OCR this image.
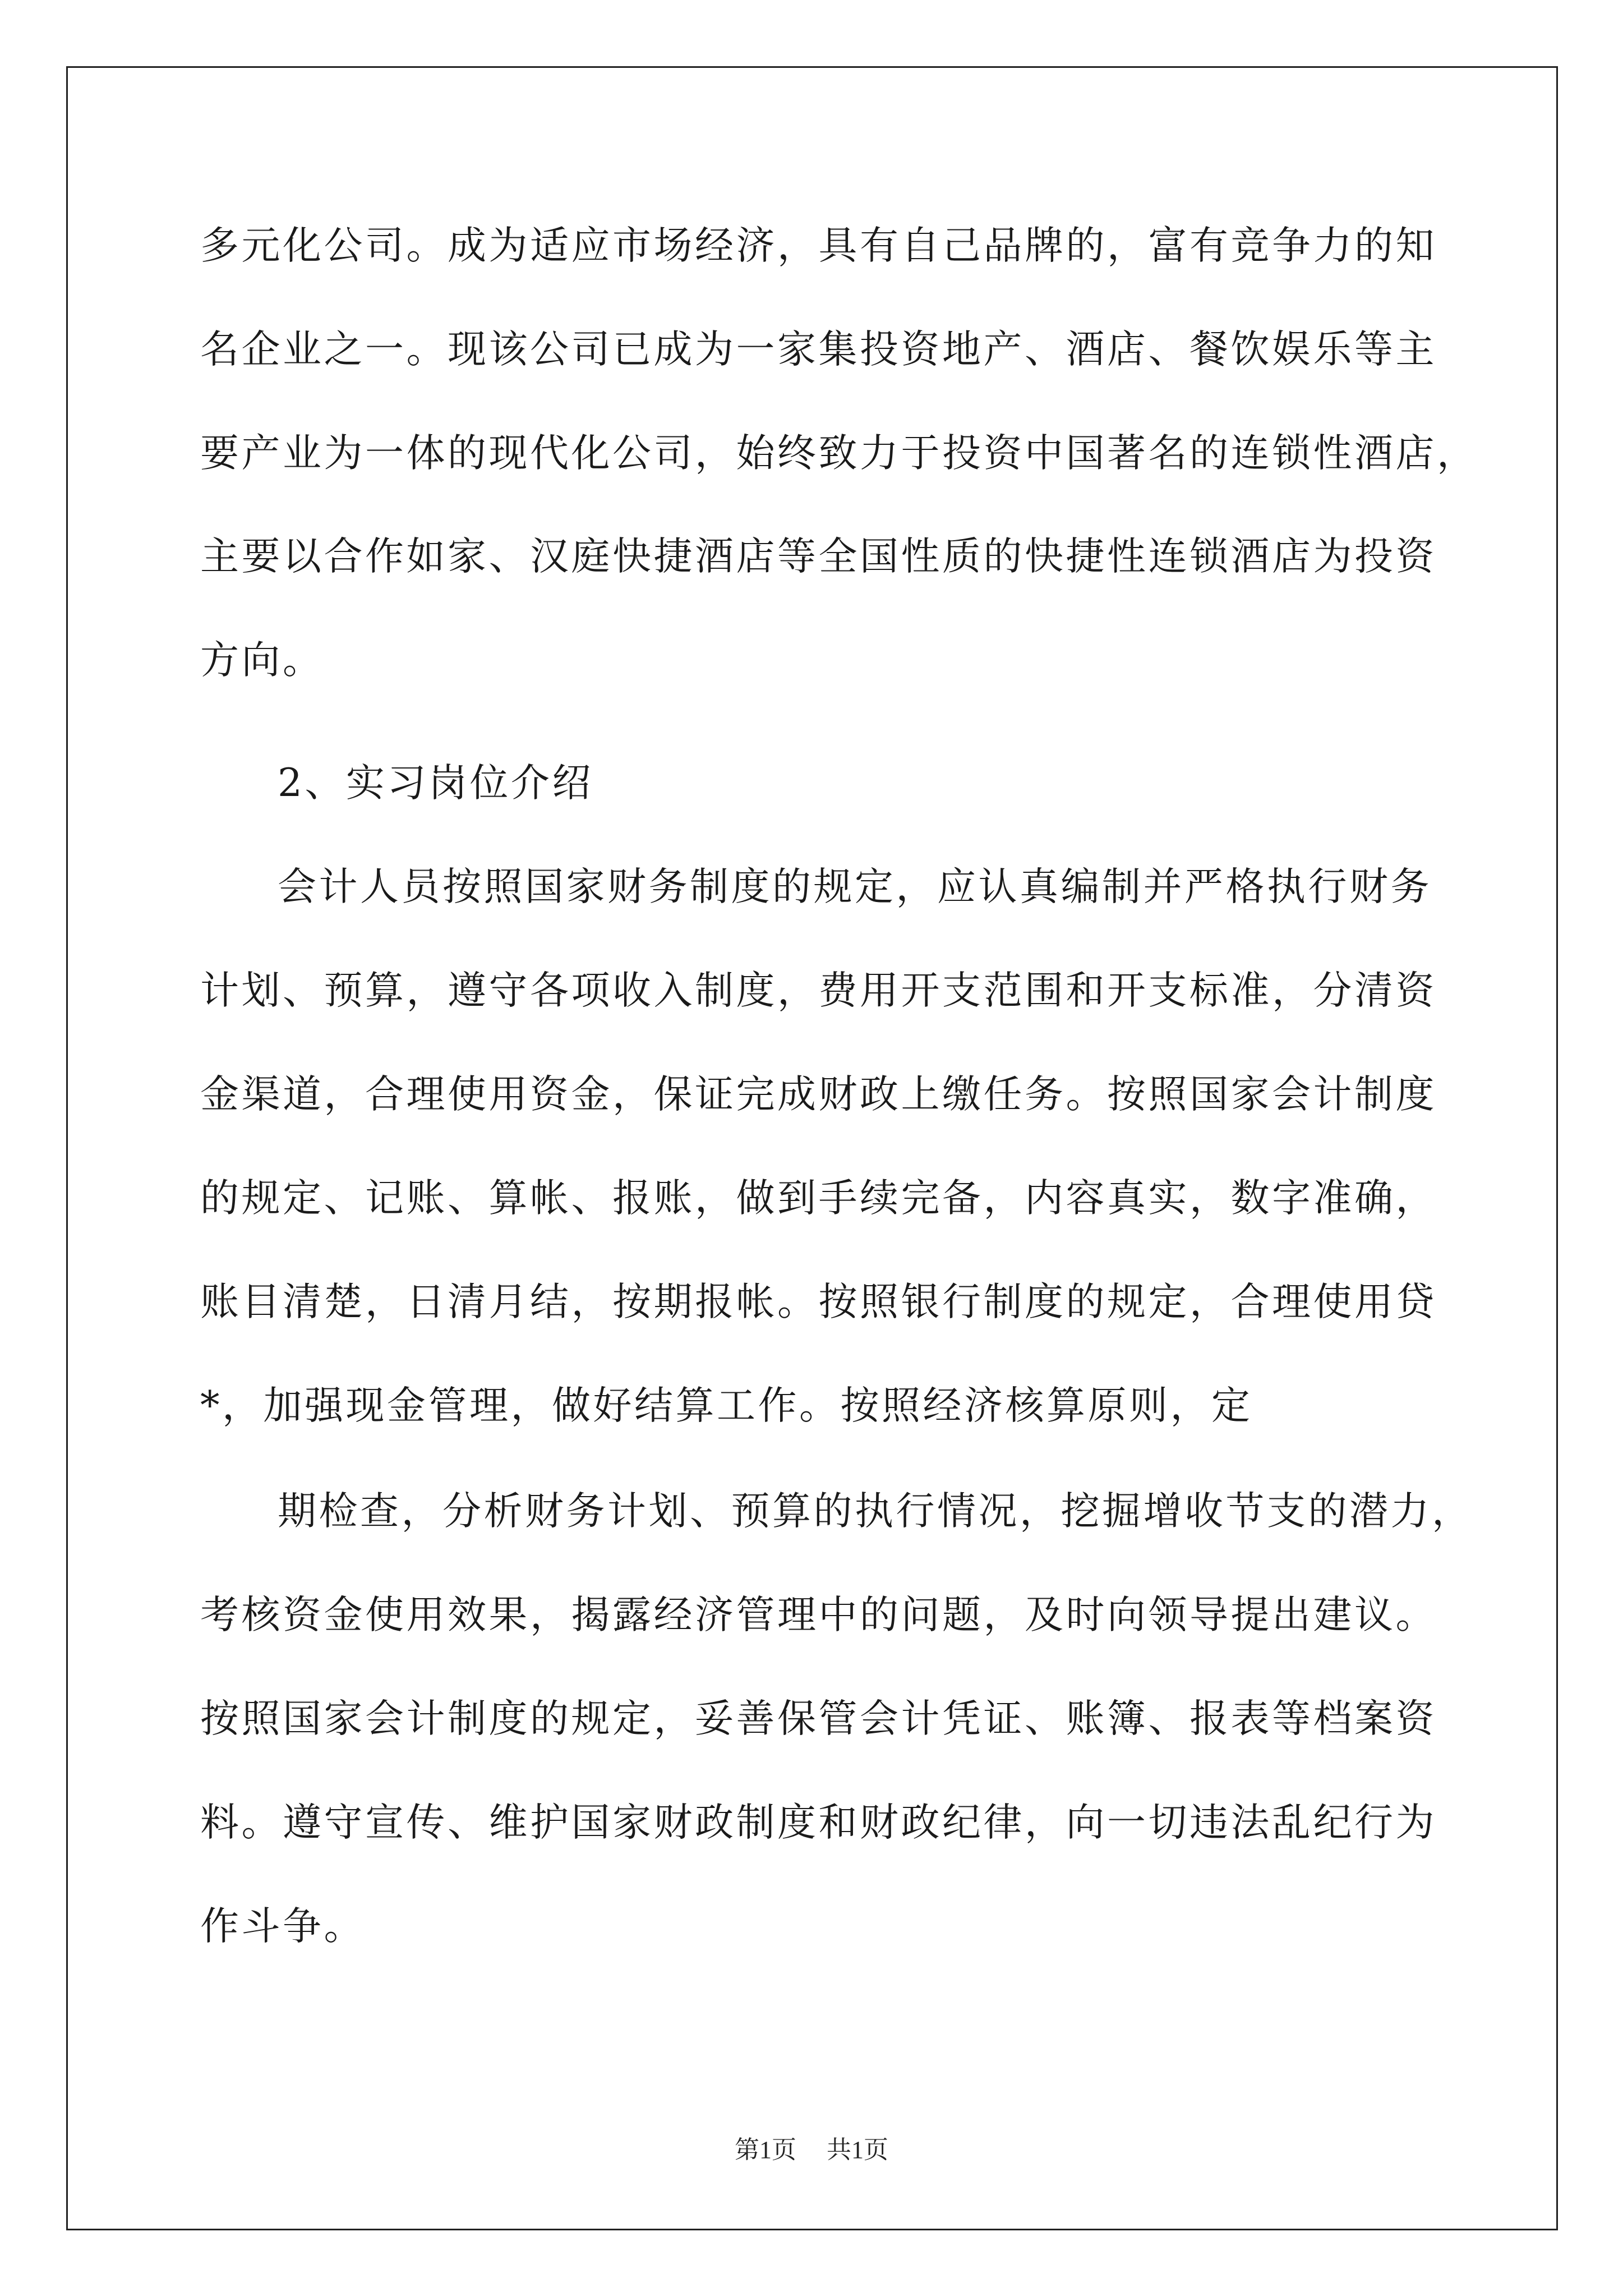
多元化公司。成为适应市场经济，具有自己品牌的，富有竞争力的知
名企业之一。现该公司已成为一家集投资地产、酒店、餐饮娱乐等主
要产业为一体的现代化公司，始终致力于投资中国著名的连锁性酒店，
主要以合作如家、汉庭快捷酒店等全国性质的快捷性连锁酒店为投资
方向。
2、实习岗位介绍
会计人员按照国家财务制度的规定，应认真编制并严格执行财务
计划、预算，遵守各项收入制度，费用开支范围和开支标准，分清资
金渠道，合理使用资金，保证完成财政上缴任务。按照国家会计制度
的规定、记账、算帐、报账，做到手续完备，内容真实，数字准确，
账目清楚，日清月结，按期报帐。按照银行制度的规定，合理使用贷
*，加强现金管理，做好结算工作。按照经济核算原则，定
期检查，分析财务计划、预算的执行情况，挖掘增收节支的潜力，
考核资金使用效果，揭露经济管理中的问题，及时向领导提出建议。
按照国家会计制度的规定，妥善保管会计凭证、账簿、报表等档案资
料。遵守宣传、维护国家财政制度和财政纪律，向一切违法乱纪行为
作斗争。
第1页 共1页
